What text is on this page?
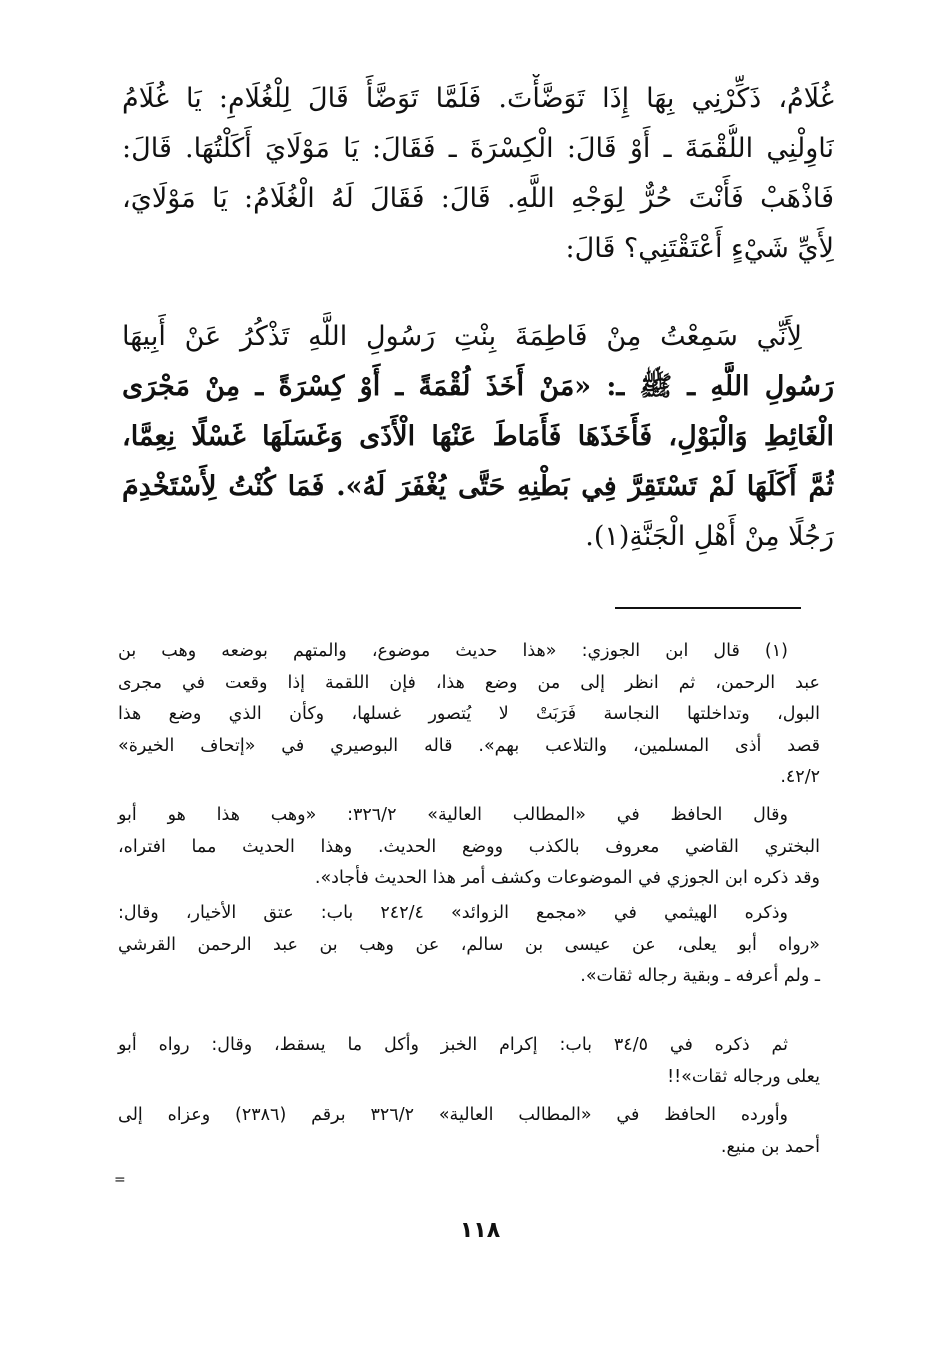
غُلَامُ، ذَكِّرْنِي بِهَا إِذَا تَوَضَّأْتَ. فَلَمَّا تَوَضَّأَ قَالَ لِلْغُلَامِ: يَا غُلَامُ
نَاوِلْنِي اللُّقْمَةَ ـ أَوْ قَالَ: الْكِسْرَةَ ـ فَقَالَ: يَا مَوْلَايَ أَكَلْتُهَا. قَالَ:
فَاذْهَبْ فَأَنْتَ حُرٌّ لِوَجْهِ اللَّهِ. قَالَ: فَقَالَ لَهُ الْغُلَامُ: يَا مَوْلَايَ،
لِأَيِّ شَيْءٍ أَعْتَقْتَنِي؟ قَالَ:
لِأَنِّي سَمِعْتُ مِنْ فَاطِمَةَ بِنْتِ رَسُولِ اللَّهِ تَذْكُرُ عَنْ أَبِيهَا
رَسُولِ اللَّهِ ـ ﷺ ـ: «مَنْ أَخَذَ لُقْمَةً ـ أَوْ كِسْرَةً ـ مِنْ مَجْرَى
الْغَائِطِ وَالْبَوْلِ، فَأَخَذَهَا فَأَمَاطَ عَنْهَا الْأَذَى وَغَسَلَهَا غَسْلًا نِعِمَّا،
ثُمَّ أَكَلَهَا لَمْ تَسْتَقِرَّ فِي بَطْنِهِ حَتَّى يُغْفَرَ لَهُ». فَمَا كُنْتُ لِأَسْتَخْدِمَ
رَجُلًا مِنْ أَهْلِ الْجَنَّةِ(١).
(١) قال ابن الجوزي: «هذا حديث موضوع، والمتهم بوضعه وهب بن
عبد الرحمن، ثم انظر إلى من وضع هذا، فإن اللقمة إذا وقعت في مجرى
البول، وتداخلتها النجاسة فَرَبَتْ لا يُتصور غسلها، وكأن الذي وضع هذا
قصد أذى المسلمين، والتلاعب بهم». قاله البوصيري في «إتحاف الخيرة»
٤٢/٢.
وقال الحافظ في «المطالب العالية» ٣٢٦/٢: «وهب هذا هو أبو
البختري القاضي معروف بالكذب ووضع الحديث. وهذا الحديث مما افتراه،
وقد ذكره ابن الجوزي في الموضوعات وكشف أمر هذا الحديث فأجاد».
وذكره الهيثمي في «مجمع الزوائد» ٢٤٢/٤ باب: عتق الأخيار، وقال:
«رواه أبو يعلى، عن عيسى بن سالم، عن وهب بن عبد الرحمن القرشي
ـ ولم أعرفه ـ وبقية رجاله ثقات».
ثم ذكره في ٣٤/٥ باب: إكرام الخبز وأكل ما يسقط، وقال: رواه أبو
يعلى ورجاله ثقات»!!
وأورده الحافظ في «المطالب العالية» ٣٢٦/٢ برقم (٢٣٨٦) وعزاه إلى
أحمد بن منيع.
=
١١٨
